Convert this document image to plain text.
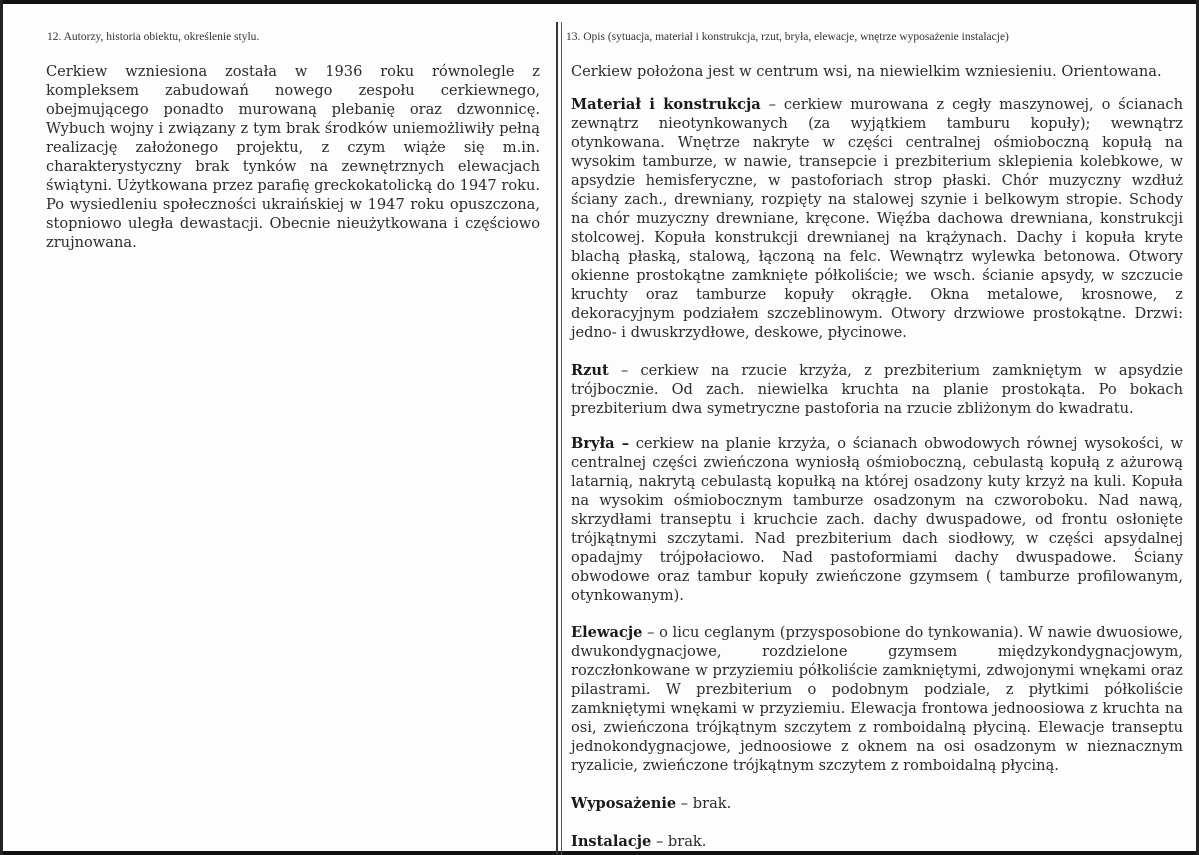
12. Autorzy, historia obiektu, określenie stylu.

Cerkiew wzniesiona została w 1936 roku równolegle z kompleksem zabudowań nowego zespołu cerkiewnego, obejmującego ponadto murowaną plebanię oraz dzwonnicę. Wybuch wojny i związany z tym brak środków uniemożliwiły pełną realizację założonego projektu, z czym wiąże się m.in. charakterystyczny brak tynków na zewnętrznych elewacjach świątyni. Użytkowana przez parafię greckokatolicką do 1947 roku. Po wysiedleniu społeczności ukraińskiej w 1947 roku opuszczona, stopniowo uległa dewastacji. Obecnie nieużytkowana i częściowo zrujnowana.

13. Opis (sytuacja, materiał i konstrukcja, rzut, bryła, elewacje, wnętrze wyposażenie instalacje)

Cerkiew położona jest w centrum wsi, na niewielkim wzniesieniu. Orientowana.

Materiał i konstrukcja – cerkiew murowana z cegły maszynowej, o ścianach zewnątrz nieotynkowanych (za wyjątkiem tamburu kopuły); wewnątrz otynkowana. Wnętrze nakryte w części centralnej ośmioboczną kopułą na wysokim tamburze, w nawie, transepcie i prezbiterium sklepienia kolebkowe, w apsydzie hemisferyczne, w pastoforiach strop płaski. Chór muzyczny wzdłuż ściany zach., drewniany, rozpięty na stalowej szynie i belkowym stropie. Schody na chór muzyczny drewniane, kręcone. Więźba dachowa drewniana, konstrukcji stolcowej. Kopuła konstrukcji drewnianej na krążynach. Dachy i kopuła kryte blachą płaską, stalową, łączoną na felc. Wewnątrz wylewka betonowa. Otwory okienne prostokątne zamknięte półkoliście; we wsch. ścianie apsydy, w szczucie kruchty oraz tamburze kopuły okrągłe. Okna metalowe, krosnowe, z dekoracyjnym podziałem szczeblinowym. Otwory drzwiowe prostokątne. Drzwi: jedno- i dwuskrzydłowe, deskowe, płycinowe.

Rzut – cerkiew na rzucie krzyża, z prezbiterium zamkniętym w apsydzie trójbocznie. Od zach. niewielka kruchta na planie prostokąta. Po bokach prezbiterium dwa symetryczne pastoforia na rzucie zbliżonym do kwadratu.

Bryła – cerkiew na planie krzyża, o ścianach obwodowych równej wysokości, w centralnej części zwieńczona wyniosłą ośmioboczną, cebulastą kopułą z ażurową latarnią, nakrytą cebulastą kopułką na której osadzony kuty krzyż na kuli. Kopuła na wysokim ośmiobocznym tamburze osadzonym na czworoboku. Nad nawą, skrzydłami transeptu i kruchcie zach. dachy dwuspadowe, od frontu osłonięte trójkątnymi szczytami. Nad prezbiterium dach siodłowy, w części apsydalnej opadajmy trójpołaciowo. Nad pastoformiami dachy dwuspadowe. Ściany obwodowe oraz tambur kopuły zwieńczone gzymsem ( tamburze profilowanym, otynkowanym).

Elewacje – o licu ceglanym (przysposobione do tynkowania). W nawie dwuosiowe, dwukondygnacjowe, rozdzielone gzymsem międzykondygnacjowym, rozczłonkowane w przyziemiu półkoliście zamkniętymi, zdwojonymi wnękami oraz pilastrami. W prezbiterium o podobnym podziale, z płytkimi półkoliście zamkniętymi wnękami w przyziemiu. Elewacja frontowa jednoosiowa z kruchta na osi, zwieńczona trójkątnym szczytem z romboidalną płyciną. Elewacje transeptu jednokondygnacjowe, jednoosiowe z oknem na osi osadzonym w nieznacznym ryzalicie, zwieńczone trójkątnym szczytem z romboidalną płyciną.

Wyposażenie – brak.

Instalacje – brak.
